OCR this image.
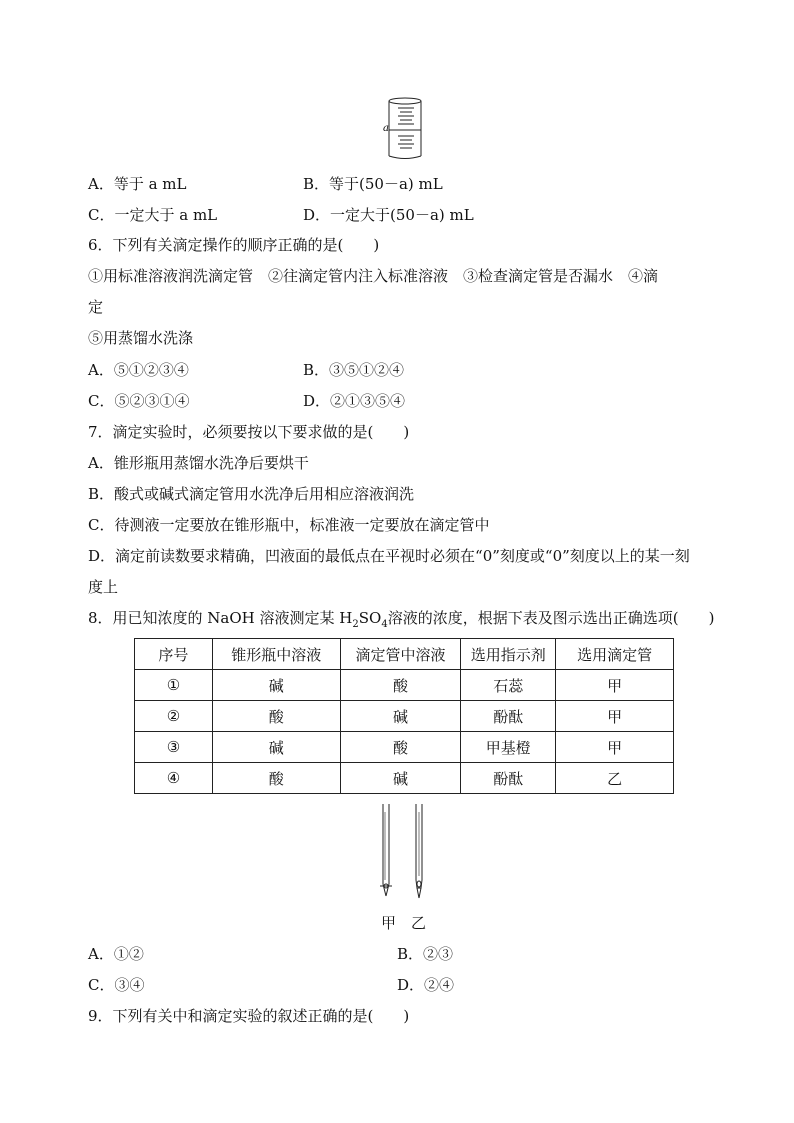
a
A．等于 a mL	B．等于(50－a) mL
C．一定大于 a mL	D．一定大于(50－a) mL
6．下列有关滴定操作的顺序正确的是(　　)
①用标准溶液润洗滴定管　②往滴定管内注入标准溶液　③检查滴定管是否漏水　④滴
定
⑤用蒸馏水洗涤
A．⑤①②③④	B．③⑤①②④
C．⑤②③①④	D．②①③⑤④
7．滴定实验时，必须要按以下要求做的是(　　)
A．锥形瓶用蒸馏水洗净后要烘干
B．酸式或碱式滴定管用水洗净后用相应溶液润洗
C．待测液一定要放在锥形瓶中，标准液一定要放在滴定管中
D．滴定前读数要求精确，凹液面的最低点在平视时必须在“0”刻度或“0”刻度以上的某一刻
度上
8．用已知浓度的 NaOH 溶液测定某 $H_2SO_4$溶液的浓度，根据下表及图示选出正确选项(　　)
序号	锥形瓶中溶液	滴定管中溶液	选用指示剂	选用滴定管
①	碱	酸	石蕊	甲
②	酸	碱	酚酞	甲
③	碱	酸	甲基橙	甲
④	酸	碱	酚酞	乙
甲　乙
A．①②	B．②③
C．③④	D．②④
9．下列有关中和滴定实验的叙述正确的是(　　)
